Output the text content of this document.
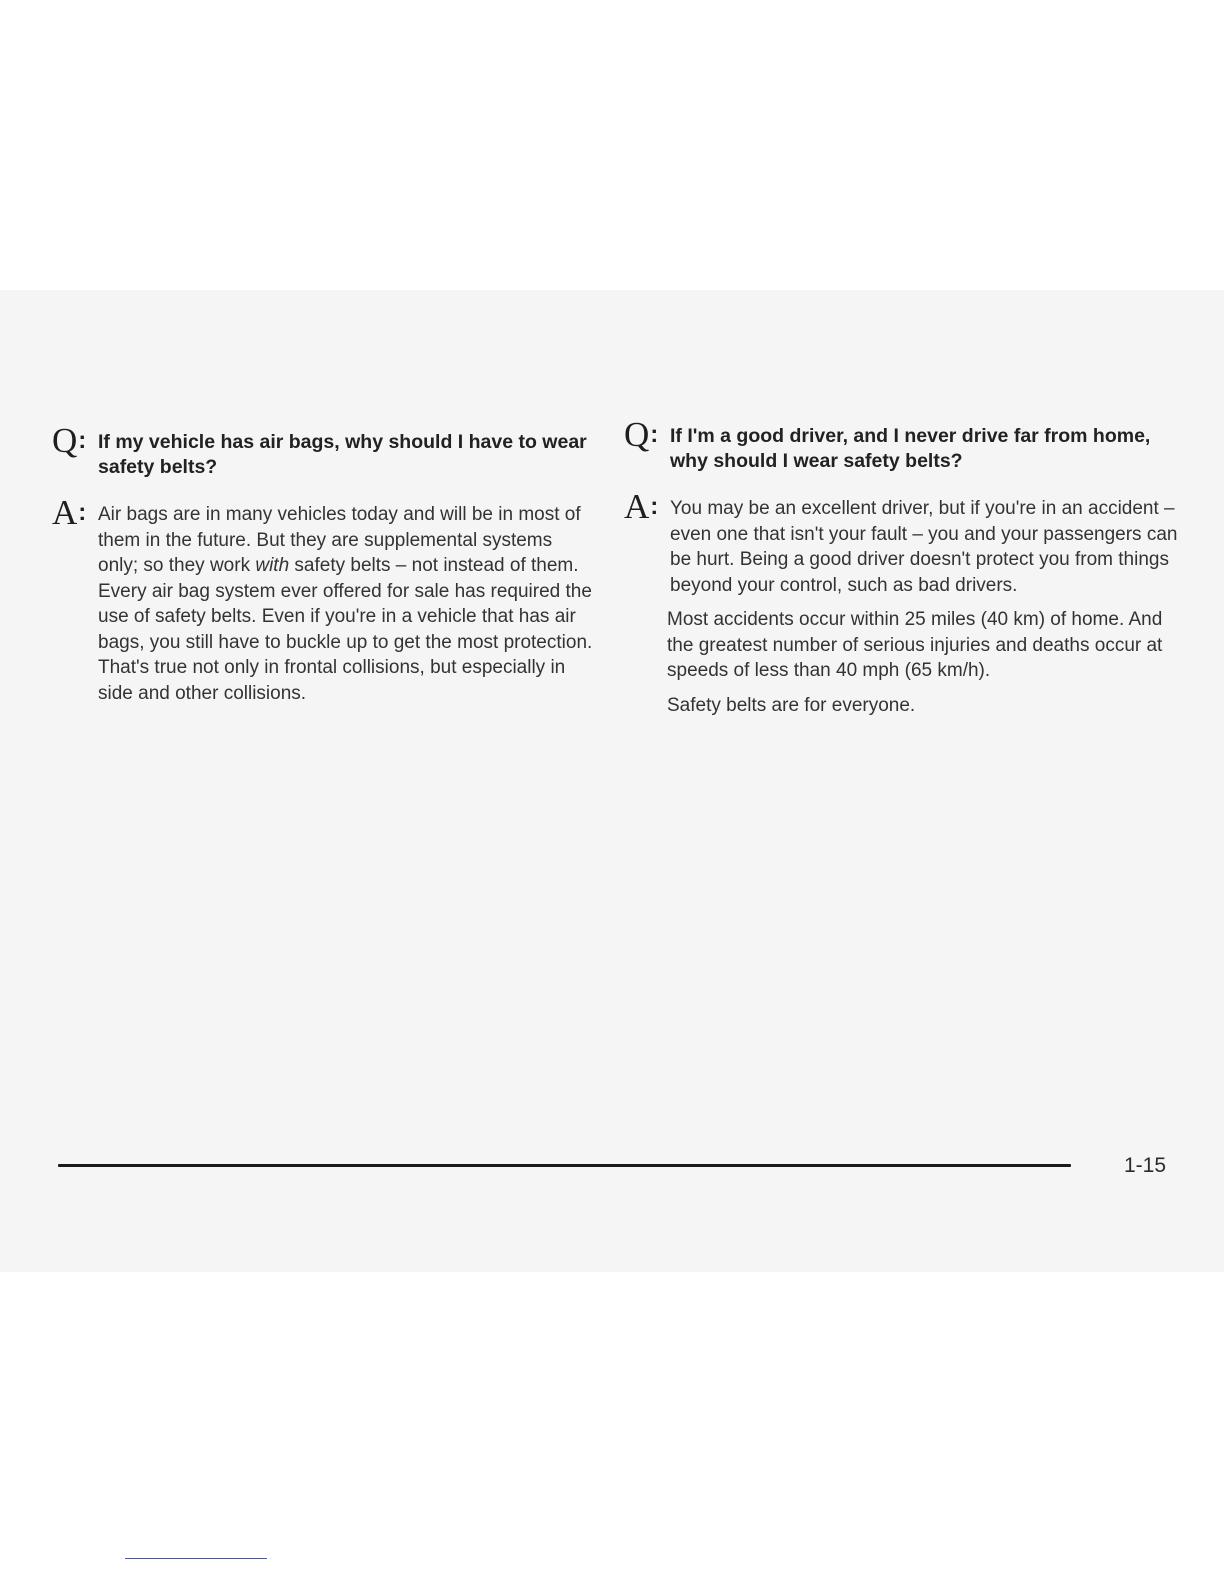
Q: If my vehicle has air bags, why should I have to wear safety belts?
A: Air bags are in many vehicles today and will be in most of them in the future. But they are supplemental systems only; so they work with safety belts – not instead of them. Every air bag system ever offered for sale has required the use of safety belts. Even if you're in a vehicle that has air bags, you still have to buckle up to get the most protection. That's true not only in frontal collisions, but especially in side and other collisions.

Q: If I'm a good driver, and I never drive far from home, why should I wear safety belts?
A: You may be an excellent driver, but if you're in an accident – even one that isn't your fault – you and your passengers can be hurt. Being a good driver doesn't protect you from things beyond your control, such as bad drivers.

Most accidents occur within 25 miles (40 km) of home. And the greatest number of serious injuries and deaths occur at speeds of less than 40 mph (65 km/h).

Safety belts are for everyone.

1-15
